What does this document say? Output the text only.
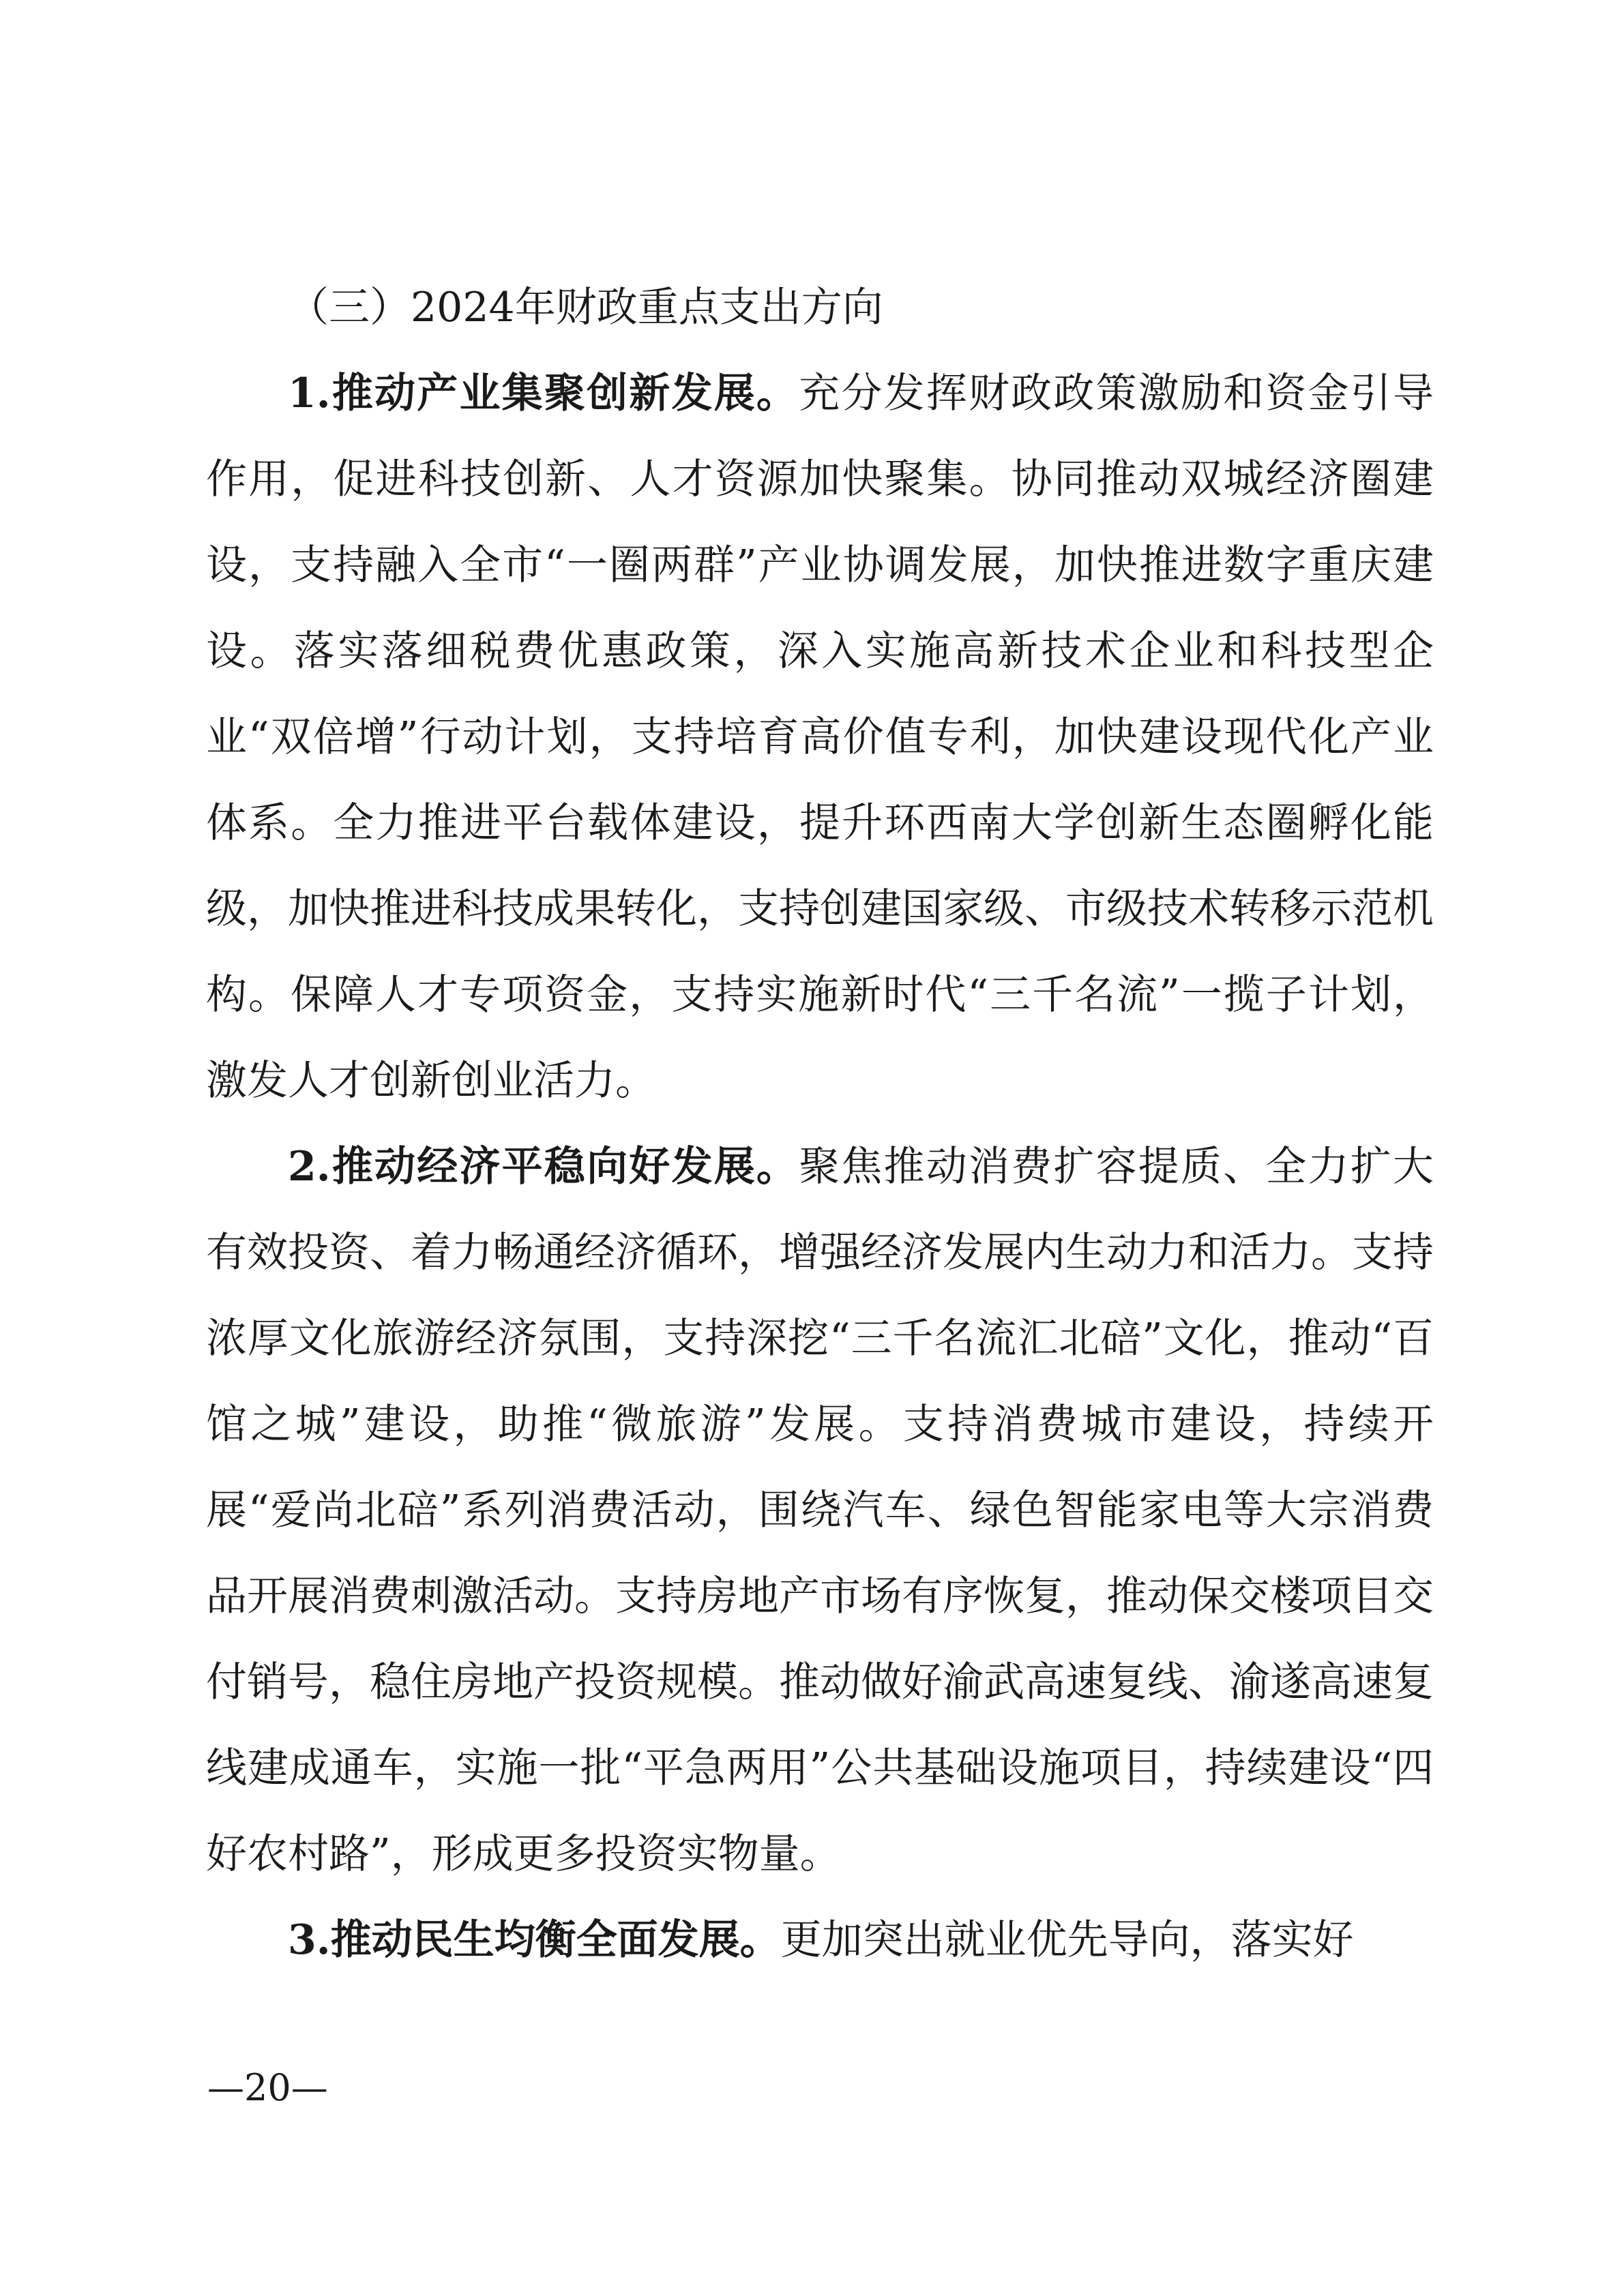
（三）2024年财政重点支出方向

1.推动产业集聚创新发展。充分发挥财政政策激励和资金引导作用，促进科技创新、人才资源加快聚集。协同推动双城经济圈建设，支持融入全市“一圈两群”产业协调发展，加快推进数字重庆建设。落实落细税费优惠政策，深入实施高新技术企业和科技型企业“双倍增”行动计划，支持培育高价值专利，加快建设现代化产业体系。全力推进平台载体建设，提升环西南大学创新生态圈孵化能级，加快推进科技成果转化，支持创建国家级、市级技术转移示范机构。保障人才专项资金，支持实施新时代“三千名流”一揽子计划，激发人才创新创业活力。

2.推动经济平稳向好发展。聚焦推动消费扩容提质、全力扩大有效投资、着力畅通经济循环，增强经济发展内生动力和活力。支持浓厚文化旅游经济氛围，支持深挖“三千名流汇北碚”文化，推动“百馆之城”建设，助推“微旅游”发展。支持消费城市建设，持续开展“爱尚北碚”系列消费活动，围绕汽车、绿色智能家电等大宗消费品开展消费刺激活动。支持房地产市场有序恢复，推动保交楼项目交付销号，稳住房地产投资规模。推动做好渝武高速复线、渝遂高速复线建成通车，实施一批“平急两用”公共基础设施项目，持续建设“四好农村路”，形成更多投资实物量。

3.推动民生均衡全面发展。更加突出就业优先导向，落实好

—20—
